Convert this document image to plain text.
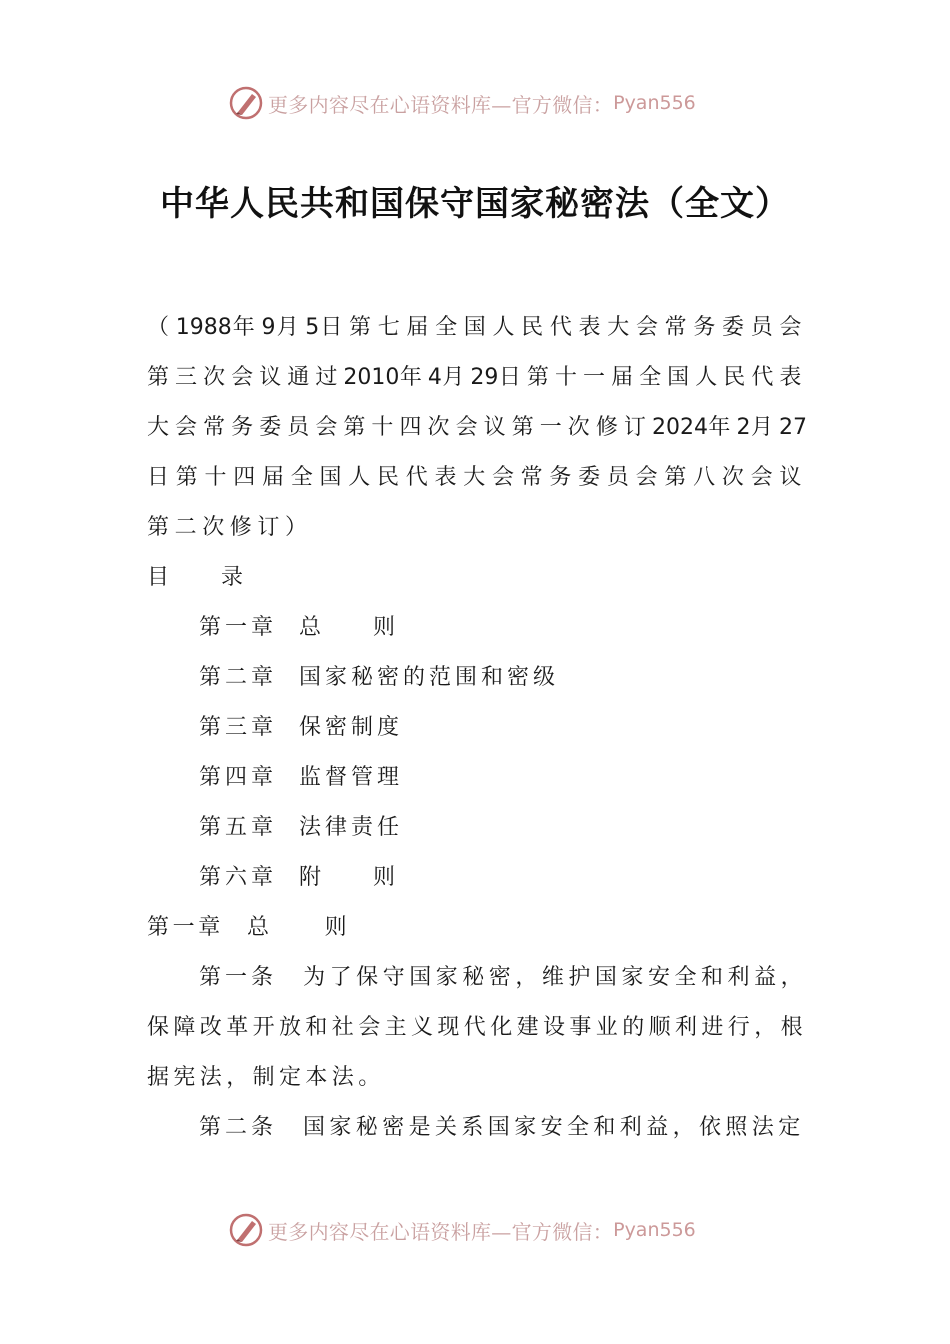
更多内容尽在心语资料库—官方微信： Pyan556
中华人民共和国保守国家秘密法（全文）

（1988年9月5日第七届全国人民代表大会常务委员会第三次会议通过2010年4月29日第十一届全国人民代表大会常务委员会第十四次会议第一次修订2024年2月27日第十四届全国人民代表大会常务委员会第八次会议第二次修订）

目 录

第一章 总 则

第二章 国家秘密的范围和密级

第三章 保密制度

第四章 监督管理

第五章 法律责任

第六章 附 则

第一章 总 则

第一条 为了保守国家秘密，维护国家安全和利益，保障改革开放和社会主义现代化建设事业的顺利进行，根据宪法，制定本法。

第二条 国家秘密是关系国家安全和利益，依照法定

更多内容尽在心语资料库—官方微信： Pyan556
